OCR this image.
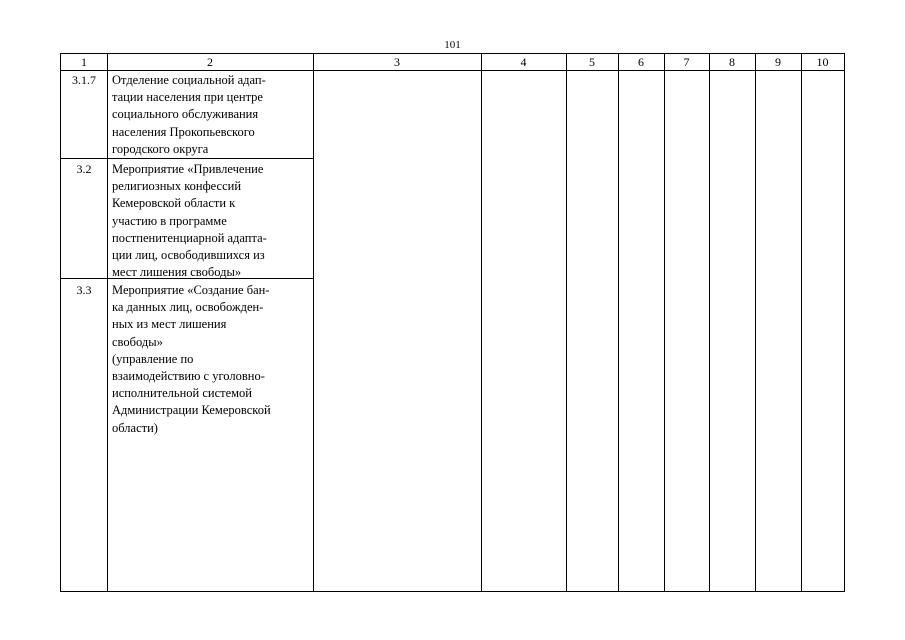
101
1	2	3	4	5	6	7	8	9	10
3.1.7	Отделение социальной адап-
тации населения при центре
социального обслуживания
населения Прокопьевского
городского округа
3.2	Мероприятие «Привлечение
религиозных конфессий
Кемеровской области к
участию в программе
постпенитенциарной адапта-
ции лиц, освободившихся из
мест лишения свободы»
3.3	Мероприятие «Создание бан-
ка данных лиц, освобожден-
ных из мест лишения
свободы»
(управление по
взаимодействию с уголовно-
исполнительной системой
Администрации Кемеровской
области)
